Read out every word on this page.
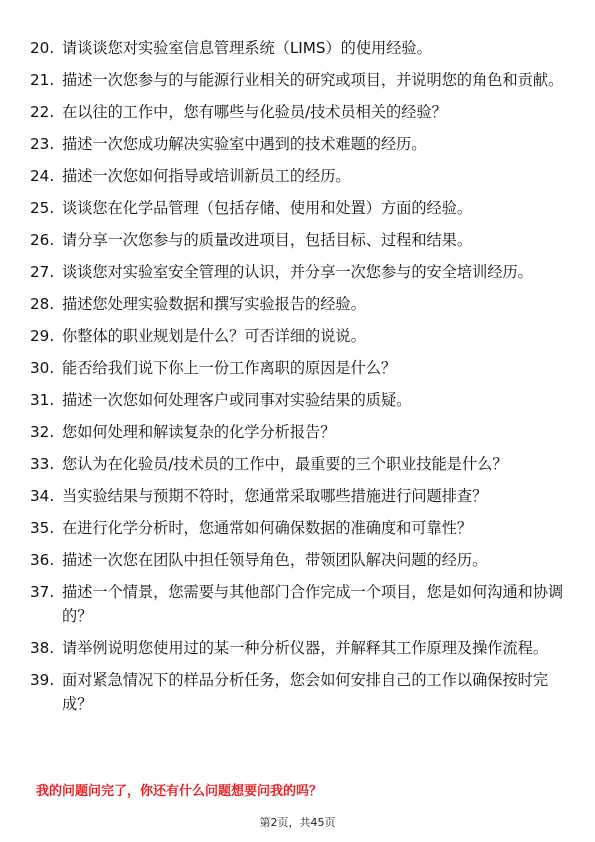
20. 请谈谈您对实验室信息管理系统（LIMS）的使用经验。
21. 描述一次您参与的与能源行业相关的研究或项目，并说明您的角色和贡献。
22. 在以往的工作中，您有哪些与化验员/技术员相关的经验？
23. 描述一次您成功解决实验室中遇到的技术难题的经历。
24. 描述一次您如何指导或培训新员工的经历。
25. 谈谈您在化学品管理（包括存储、使用和处置）方面的经验。
26. 请分享一次您参与的质量改进项目，包括目标、过程和结果。
27. 谈谈您对实验室安全管理的认识，并分享一次您参与的安全培训经历。
28. 描述您处理实验数据和撰写实验报告的经验。
29. 你整体的职业规划是什么？可否详细的说说。
30. 能否给我们说下你上一份工作离职的原因是什么？
31. 描述一次您如何处理客户或同事对实验结果的质疑。
32. 您如何处理和解读复杂的化学分析报告？
33. 您认为在化验员/技术员的工作中，最重要的三个职业技能是什么？
34. 当实验结果与预期不符时，您通常采取哪些措施进行问题排查？
35. 在进行化学分析时，您通常如何确保数据的准确度和可靠性？
36. 描述一次您在团队中担任领导角色，带领团队解决问题的经历。
37. 描述一个情景，您需要与其他部门合作完成一个项目，您是如何沟通和协调的？
38. 请举例说明您使用过的某一种分析仪器，并解释其工作原理及操作流程。
39. 面对紧急情况下的样品分析任务，您会如何安排自己的工作以确保按时完成？
我的问题问完了，你还有什么问题想要问我的吗？
第2页，共45页
